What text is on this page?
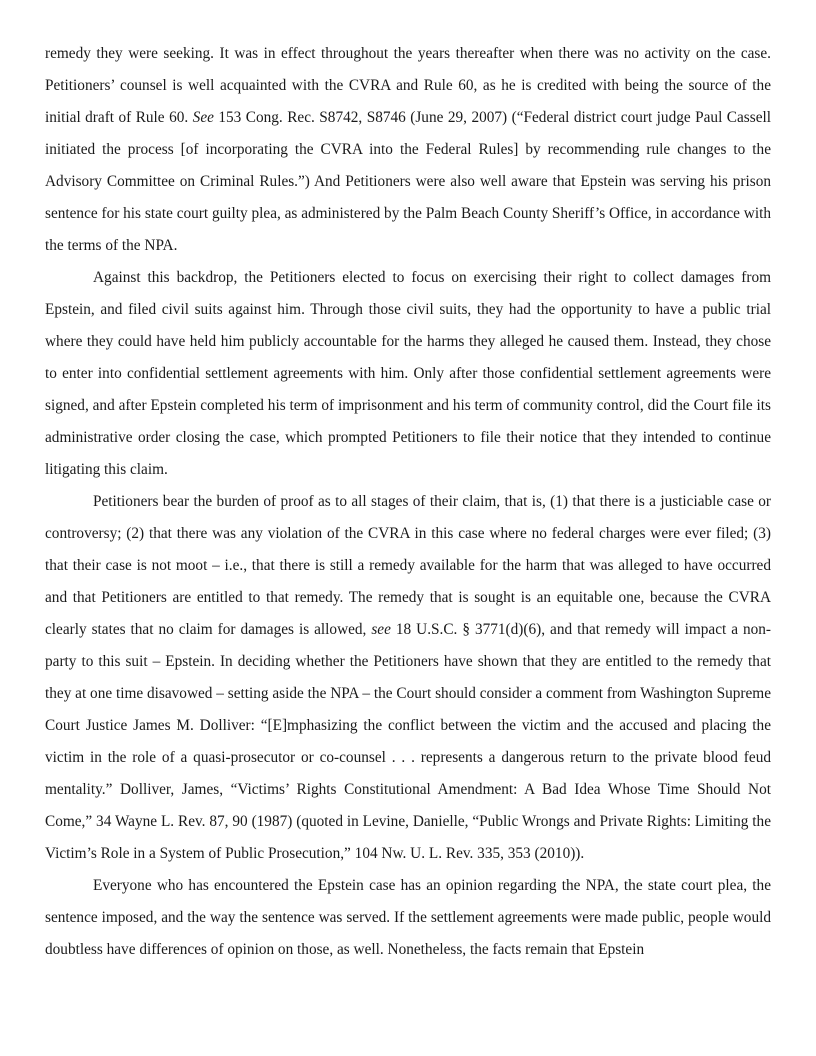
remedy they were seeking. It was in effect throughout the years thereafter when there was no activity on the case. Petitioners’ counsel is well acquainted with the CVRA and Rule 60, as he is credited with being the source of the initial draft of Rule 60. See 153 Cong. Rec. S8742, S8746 (June 29, 2007) (“Federal district court judge Paul Cassell initiated the process [of incorporating the CVRA into the Federal Rules] by recommending rule changes to the Advisory Committee on Criminal Rules.”) And Petitioners were also well aware that Epstein was serving his prison sentence for his state court guilty plea, as administered by the Palm Beach County Sheriff’s Office, in accordance with the terms of the NPA.

Against this backdrop, the Petitioners elected to focus on exercising their right to collect damages from Epstein, and filed civil suits against him. Through those civil suits, they had the opportunity to have a public trial where they could have held him publicly accountable for the harms they alleged he caused them. Instead, they chose to enter into confidential settlement agreements with him. Only after those confidential settlement agreements were signed, and after Epstein completed his term of imprisonment and his term of community control, did the Court file its administrative order closing the case, which prompted Petitioners to file their notice that they intended to continue litigating this claim.

Petitioners bear the burden of proof as to all stages of their claim, that is, (1) that there is a justiciable case or controversy; (2) that there was any violation of the CVRA in this case where no federal charges were ever filed; (3) that their case is not moot – i.e., that there is still a remedy available for the harm that was alleged to have occurred and that Petitioners are entitled to that remedy. The remedy that is sought is an equitable one, because the CVRA clearly states that no claim for damages is allowed, see 18 U.S.C. § 3771(d)(6), and that remedy will impact a non-party to this suit – Epstein. In deciding whether the Petitioners have shown that they are entitled to the remedy that they at one time disavowed – setting aside the NPA – the Court should consider a comment from Washington Supreme Court Justice James M. Dolliver: “[E]mphasizing the conflict between the victim and the accused and placing the victim in the role of a quasi-prosecutor or co-counsel . . . represents a dangerous return to the private blood feud mentality.” Dolliver, James, “Victims’ Rights Constitutional Amendment: A Bad Idea Whose Time Should Not Come,” 34 Wayne L. Rev. 87, 90 (1987) (quoted in Levine, Danielle, “Public Wrongs and Private Rights: Limiting the Victim’s Role in a System of Public Prosecution,” 104 Nw. U. L. Rev. 335, 353 (2010)).

Everyone who has encountered the Epstein case has an opinion regarding the NPA, the state court plea, the sentence imposed, and the way the sentence was served. If the settlement agreements were made public, people would doubtless have differences of opinion on those, as well. Nonetheless, the facts remain that Epstein
